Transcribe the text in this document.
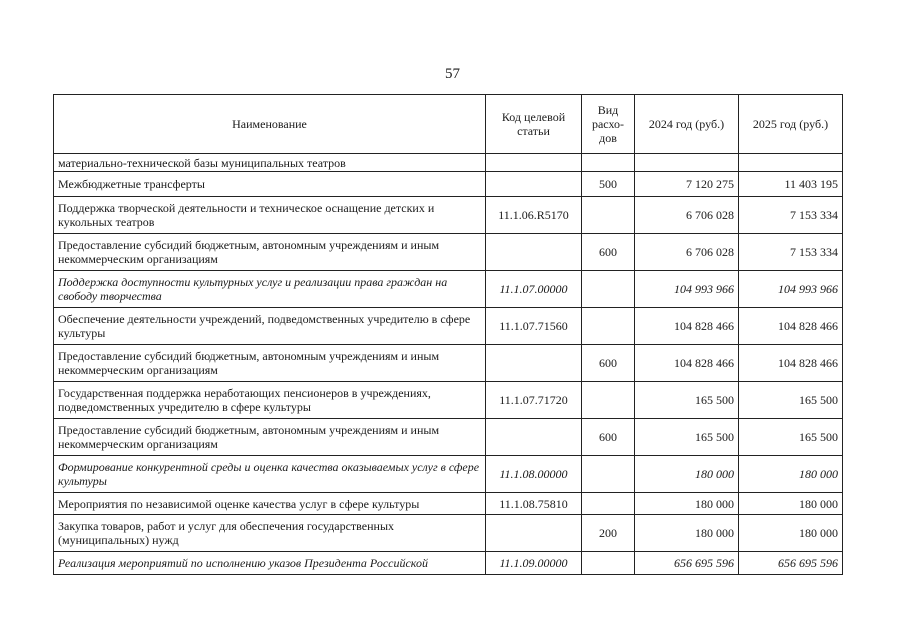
57
Наименование	Код целевой статьи	Вид расхо-дов	2024 год (руб.)	2025 год (руб.)
материально-технической базы муниципальных театров				
Межбюджетные трансферты		500	7 120 275	11 403 195
Поддержка творческой деятельности и техническое оснащение детских и кукольных театров	11.1.06.R5170		6 706 028	7 153 334
Предоставление субсидий бюджетным, автономным учреждениям и иным некоммерческим организациям		600	6 706 028	7 153 334
Поддержка доступности культурных услуг и реализации права граждан на свободу творчества	11.1.07.00000		104 993 966	104 993 966
Обеспечение деятельности учреждений, подведомственных учредителю в сфере культуры	11.1.07.71560		104 828 466	104 828 466
Предоставление субсидий бюджетным, автономным учреждениям и иным некоммерческим организациям		600	104 828 466	104 828 466
Государственная поддержка неработающих пенсионеров в учреждениях, подведомственных учредителю в сфере культуры	11.1.07.71720		165 500	165 500
Предоставление субсидий бюджетным, автономным учреждениям и иным некоммерческим организациям		600	165 500	165 500
Формирование конкурентной среды и оценка качества оказываемых услуг в сфере культуры	11.1.08.00000		180 000	180 000
Мероприятия по независимой оценке качества услуг в сфере культуры	11.1.08.75810		180 000	180 000
Закупка товаров, работ и услуг для обеспечения государственных (муниципальных) нужд		200	180 000	180 000
Реализация мероприятий по исполнению указов Президента Российской	11.1.09.00000		656 695 596	656 695 596
